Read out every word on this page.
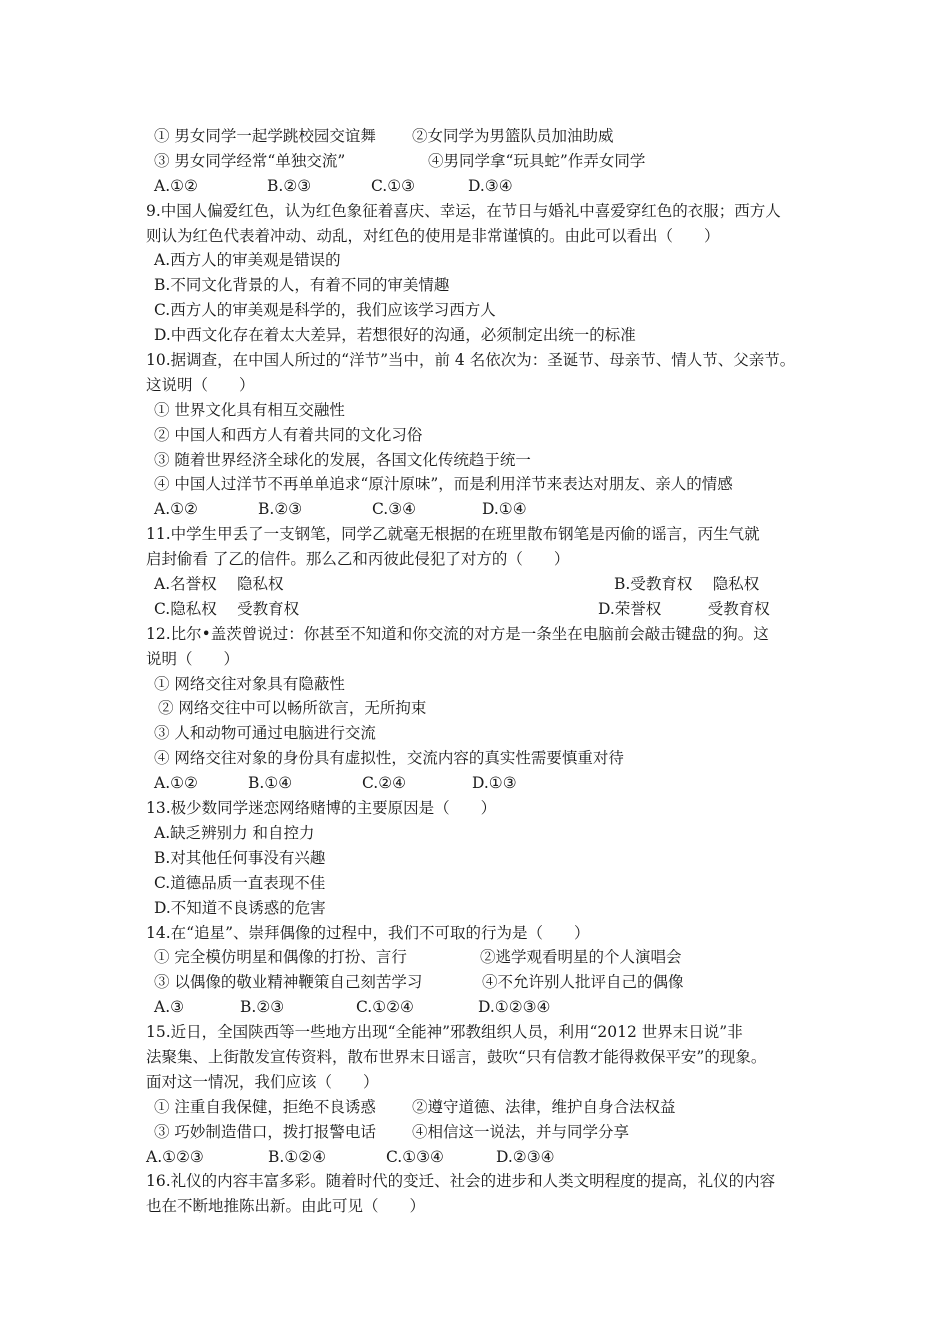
① 男女同学一起学跳校园交谊舞 ②女同学为男篮队员加油助威
③ 男女同学经常“单独交流”	④男同学拿“玩具蛇”作弄女同学
A.①②	B.②③	C.①③	D.③④
9.中国人偏爱红色，认为红色象征着喜庆、幸运，在节日与婚礼中喜爱穿红色的衣服；西方人
则认为红色代表着冲动、动乱，对红色的使用是非常谨慎的。由此可以看出（　　）
A.西方人的审美观是错误的
B.不同文化背景的人，有着不同的审美情趣
C.西方人的审美观是科学的，我们应该学习西方人
D.中西文化存在着太大差异，若想很好的沟通，必须制定出统一的标准
10.据调查，在中国人所过的“洋节”当中，前 4 名依次为：圣诞节、母亲节、情人节、父亲节。
这说明（　　）
① 世界文化具有相互交融性
② 中国人和西方人有着共同的文化习俗
③ 随着世界经济全球化的发展，各国文化传统趋于统一
④ 中国人过洋节不再单单追求“原汁原味”，而是利用洋节来表达对朋友、亲人的情感
A.①②	B.②③	C.③④	D.①④
11.中学生甲丢了一支钢笔，同学乙就毫无根据的在班里散布钢笔是丙偷的谣言，丙生气就
启封偷看 了乙的信件。那么乙和丙彼此侵犯了对方的（　　）
A.名誉权　 隐私权	B.受教育权　 隐私权
C.隐私权　 受教育权	D.荣誉权　　　受教育权
12.比尔•盖茨曾说过：你甚至不知道和你交流的对方是一条坐在电脑前会敲击键盘的狗。这
说明（　　）
① 网络交往对象具有隐蔽性
② 网络交往中可以畅所欲言，无所拘束
③ 人和动物可通过电脑进行交流
④ 网络交往对象的身份具有虚拟性，交流内容的真实性需要慎重对待
A.①②	B.①④	C.②④	D.①③
13.极少数同学迷恋网络赌博的主要原因是（　　）
A.缺乏辨别力 和自控力
B.对其他任何事没有兴趣
C.道德品质一直表现不佳
D.不知道不良诱惑的危害
14.在“追星”、崇拜偶像的过程中，我们不可取的行为是（　　）
① 完全模仿明星和偶像的打扮、言行	②逃学观看明星的个人演唱会
③ 以偶像的敬业精神鞭策自己刻苦学习	④不允许别人批评自己的偶像
A.③	B.②③	C.①②④	D.①②③④
15.近日，全国陕西等一些地方出现“全能神”邪教组织人员，利用“2012 世界末日说”非
法聚集、上街散发宣传资料，散布世界末日谣言，鼓吹“只有信教才能得救保平安”的现象。
面对这一情况，我们应该（　　）
① 注重自我保健，拒绝不良诱惑 ②遵守道德、法律，维护自身合法权益
③ 巧妙制造借口，拨打报警电话 ④相信这一说法，并与同学分享
A.①②③	B.①②④	C.①③④	D.②③④
16.礼仪的内容丰富多彩。随着时代的变迁、社会的进步和人类文明程度的提高，礼仪的内容
也在不断地推陈出新。由此可见（　　）
